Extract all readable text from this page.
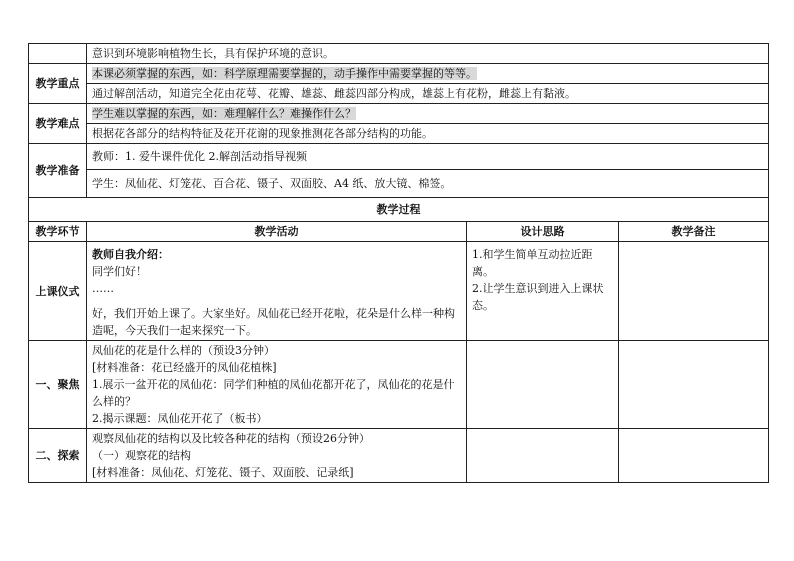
	意识到环境影响植物生长，具有保护环境的意识。		
教学重点	本课必须掌握的东西，如：科学原理需要掌握的，动手操作中需要掌握的等等。		
	通过解剖活动，知道完全花由花萼、花瓣、雄蕊、雌蕊四部分构成，雄蕊上有花粉，雌蕊上有黏液。		
教学难点	学生难以掌握的东西，如：难理解什么？难操作什么？		
	根据花各部分的结构特征及花开花谢的现象推测花各部分结构的功能。		
教学准备	教师：1. 爱牛课件优化 2.解剖活动指导视频		
	学生：凤仙花、灯笼花、百合花、镊子、双面胶、A4 纸、放大镜、棉签。		
教学过程			
教学环节	教学活动	设计思路	教学备注
上课仪式	教师自我介绍：
同学们好！
……
好，我们开始上课了。大家坐好。凤仙花已经开花啦，花朵是什么样一种构造呢，今天我们一起来探究一下。	1.和学生简单互动拉近距离。
2.让学生意识到进入上课状态。	

一、聚焦	凤仙花的花是什么样的（预设3分钟）
[材料准备：花已经盛开的凤仙花植株]
1.展示一盆开花的凤仙花：同学们种植的凤仙花都开花了，凤仙花的花是什么样的？
2.揭示课题：凤仙花开花了（板书）		

二、探索	观察凤仙花的结构以及比较各种花的结构（预设26分钟）
（一）观察花的结构
[材料准备：凤仙花、灯笼花、镊子、双面胶、记录纸]		
